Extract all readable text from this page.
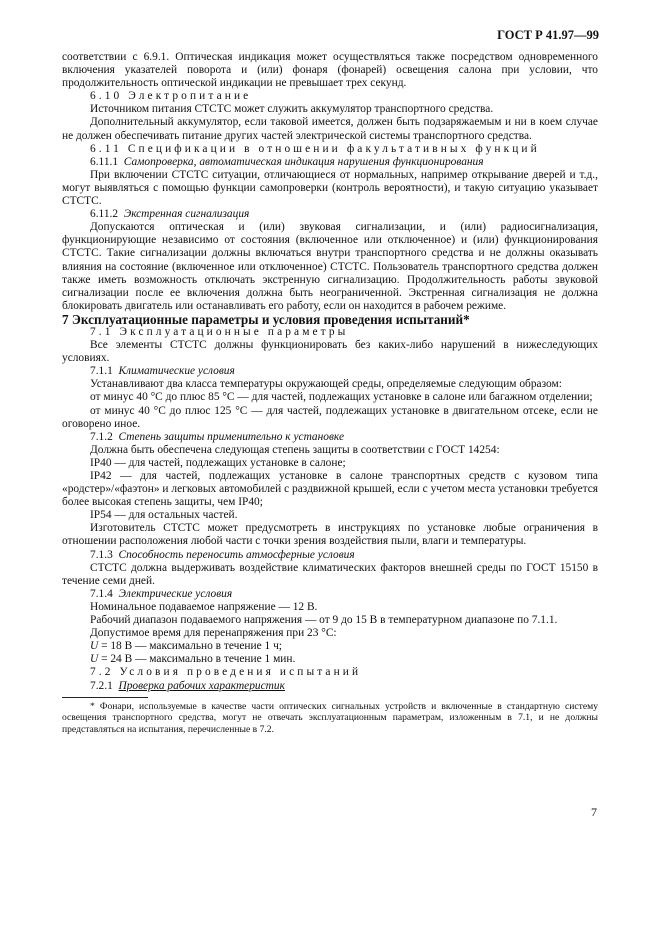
ГОСТ Р 41.97—99

соответствии с 6.9.1. Оптическая индикация может осуществляться также посредством одновременного включения указателей поворота и (или) фонаря (фонарей) освещения салона при условии, что продолжительность оптической индикации не превышает трех секунд.

6.10 Электропитание

Источником питания СТСТС может служить аккумулятор транспортного средства.

Дополнительный аккумулятор, если таковой имеется, должен быть подзаряжаемым и ни в коем случае не должен обеспечивать питание других частей электрической системы транспортного средства.

6.11 Спецификации в отношении факультативных функций

6.11.1 Самопроверка, автоматическая индикация нарушения функционирования

При включении СТСТС ситуации, отличающиеся от нормальных, например открывание дверей и т.д., могут выявляться с помощью функции самопроверки (контроль вероятности), и такую ситуацию указывает СТСТС.

6.11.2 Экстренная сигнализация

Допускаются оптическая и (или) звуковая сигнализации, и (или) радиосигнализация, функционирующие независимо от состояния (включенное или отключенное) и (или) функционирования СТСТС. Такие сигнализации должны включаться внутри транспортного средства и не должны оказывать влияния на состояние (включенное или отключенное) СТСТС. Пользователь транспортного средства должен также иметь возможность отключать экстренную сигнализацию. Продолжительность работы звуковой сигнализации после ее включения должна быть неограниченной. Экстренная сигнализация не должна блокировать двигатель или останавливать его работу, если он находится в рабочем режиме.

7 Эксплуатационные параметры и условия проведения испытаний*

7.1 Эксплуатационные параметры

Все элементы СТСТС должны функционировать без каких-либо нарушений в нижеследующих условиях.

7.1.1 Климатические условия

Устанавливают два класса температуры окружающей среды, определяемые следующим образом:

от минус 40 °С до плюс 85 °С — для частей, подлежащих установке в салоне или багажном отделении;

от минус 40 °С до плюс 125 °С — для частей, подлежащих установке в двигательном отсеке, если не оговорено иное.

7.1.2 Степень защиты применительно к установке

Должна быть обеспечена следующая степень защиты в соответствии с ГОСТ 14254:

IP40 — для частей, подлежащих установке в салоне;

IP42 — для частей, подлежащих установке в салоне транспортных средств с кузовом типа «родстер»/«фаэтон» и легковых автомобилей с раздвижной крышей, если с учетом места установки требуется более высокая степень защиты, чем IP40;

IP54 — для остальных частей.

Изготовитель СТСТС может предусмотреть в инструкциях по установке любые ограничения в отношении расположения любой части с точки зрения воздействия пыли, влаги и температуры.

7.1.3 Способность переносить атмосферные условия

СТСТС должна выдерживать воздействие климатических факторов внешней среды по ГОСТ 15150 в течение семи дней.

7.1.4 Электрические условия

Номинальное подаваемое напряжение — 12 В.

Рабочий диапазон подаваемого напряжения — от 9 до 15 В в температурном диапазоне по 7.1.1.

Допустимое время для перенапряжения при 23 °С:

U = 18 В — максимально в течение 1 ч;

U = 24 В — максимально в течение 1 мин.

7.2 Условия проведения испытаний

7.2.1 Проверка рабочих характеристик

* Фонари, используемые в качестве части оптических сигнальных устройств и включенные в стандартную систему освещения транспортного средства, могут не отвечать эксплуатационным параметрам, изложенным в 7.1, и не должны представляться на испытания, перечисленные в 7.2.

7
